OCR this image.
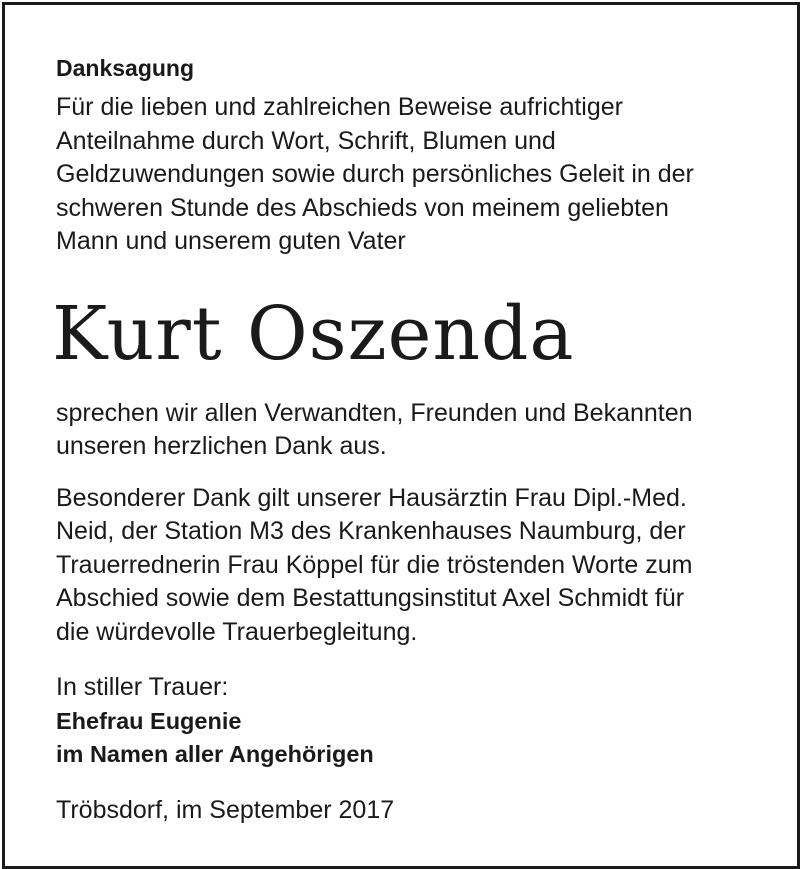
Danksagung

Für die lieben und zahlreichen Beweise aufrichtiger
Anteilnahme durch Wort, Schrift, Blumen und
Geldzuwendungen sowie durch persönliches Geleit in der
schweren Stunde des Abschieds von meinem geliebten
Mann und unserem guten Vater

Kurt Oszenda

sprechen wir allen Verwandten, Freunden und Bekannten
unseren herzlichen Dank aus.

Besonderer Dank gilt unserer Hausärztin Frau Dipl.-Med.
Neid, der Station M3 des Krankenhauses Naumburg, der
Trauerrednerin Frau Köppel für die tröstenden Worte zum
Abschied sowie dem Bestattungsinstitut Axel Schmidt für
die würdevolle Trauerbegleitung.

In stiller Trauer:

Ehefrau Eugenie

im Namen aller Angehörigen

Tröbsdorf, im September 2017
